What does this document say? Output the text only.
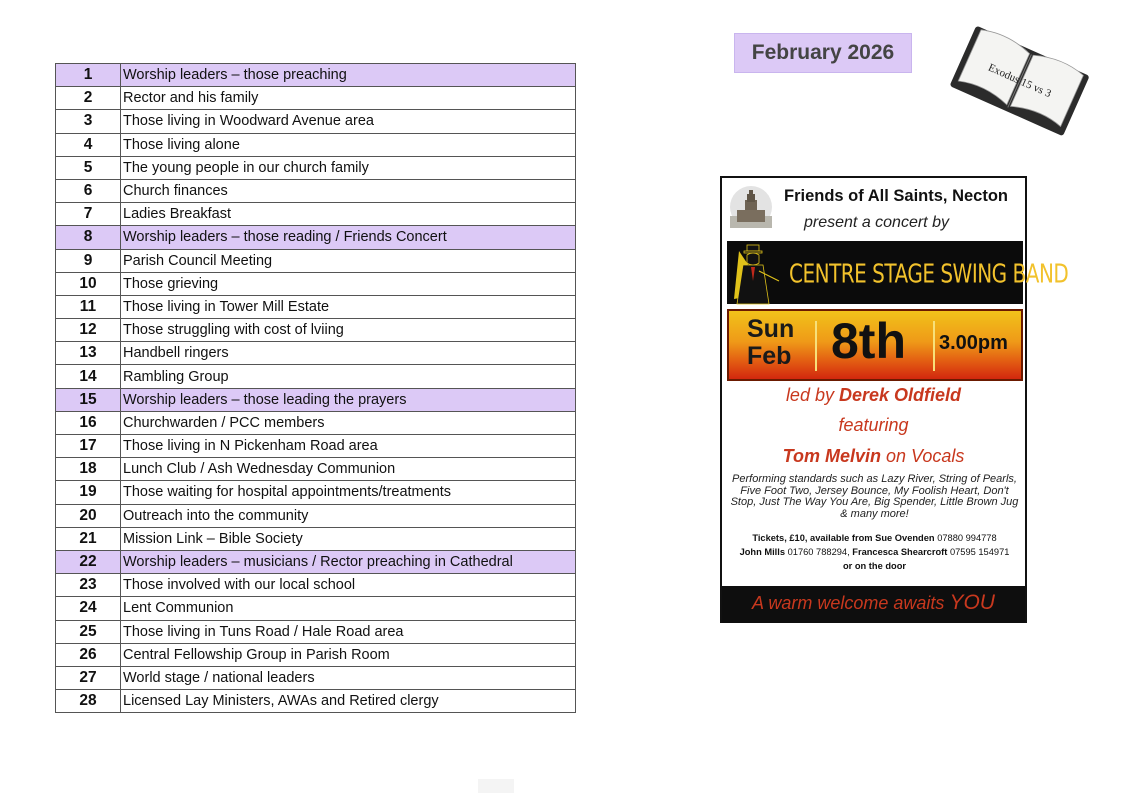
1	Worship leaders – those preaching
2	Rector and his family
3	Those living in Woodward Avenue area
4	Those living alone
5	The young people in our church family
6	Church finances
7	Ladies Breakfast
8	Worship leaders – those reading / Friends Concert
9	Parish Council Meeting
10	Those grieving
11	Those living in Tower Mill Estate
12	Those struggling with cost of lviing
13	Handbell ringers
14	Rambling Group
15	Worship leaders – those leading the prayers
16	Churchwarden / PCC members
17	Those living in N Pickenham Road area
18	Lunch Club / Ash Wednesday Communion
19	Those waiting for hospital appointments/treatments
20	Outreach into the community
21	Mission Link – Bible Society
22	Worship leaders – musicians / Rector preaching in Cathedral
23	Those involved with our local school
24	Lent Communion
25	Those living in Tuns Road / Hale Road area
26	Central Fellowship Group in Parish Room
27	World stage / national leaders
28	Licensed Lay Ministers, AWAs and Retired clergy
February 2026
Exodus 15 vs 3
Friends of All Saints, Necton
present a concert by
CENTRE STAGE SWING BAND
Sun
Feb 8th 3.00pm
led by Derek Oldfield
featuring
Tom Melvin on Vocals
Performing standards such as Lazy River, String of Pearls, Five Foot Two, Jersey Bounce, My Foolish Heart, Don't Stop, Just The Way You Are, Big Spender, Little Brown Jug & many more!
Tickets, £10, available from Sue Ovenden 07880 994778
John Mills 01760 788294, Francesca Shearcroft 07595 154971
or on the door
A warm welcome awaits YOU
